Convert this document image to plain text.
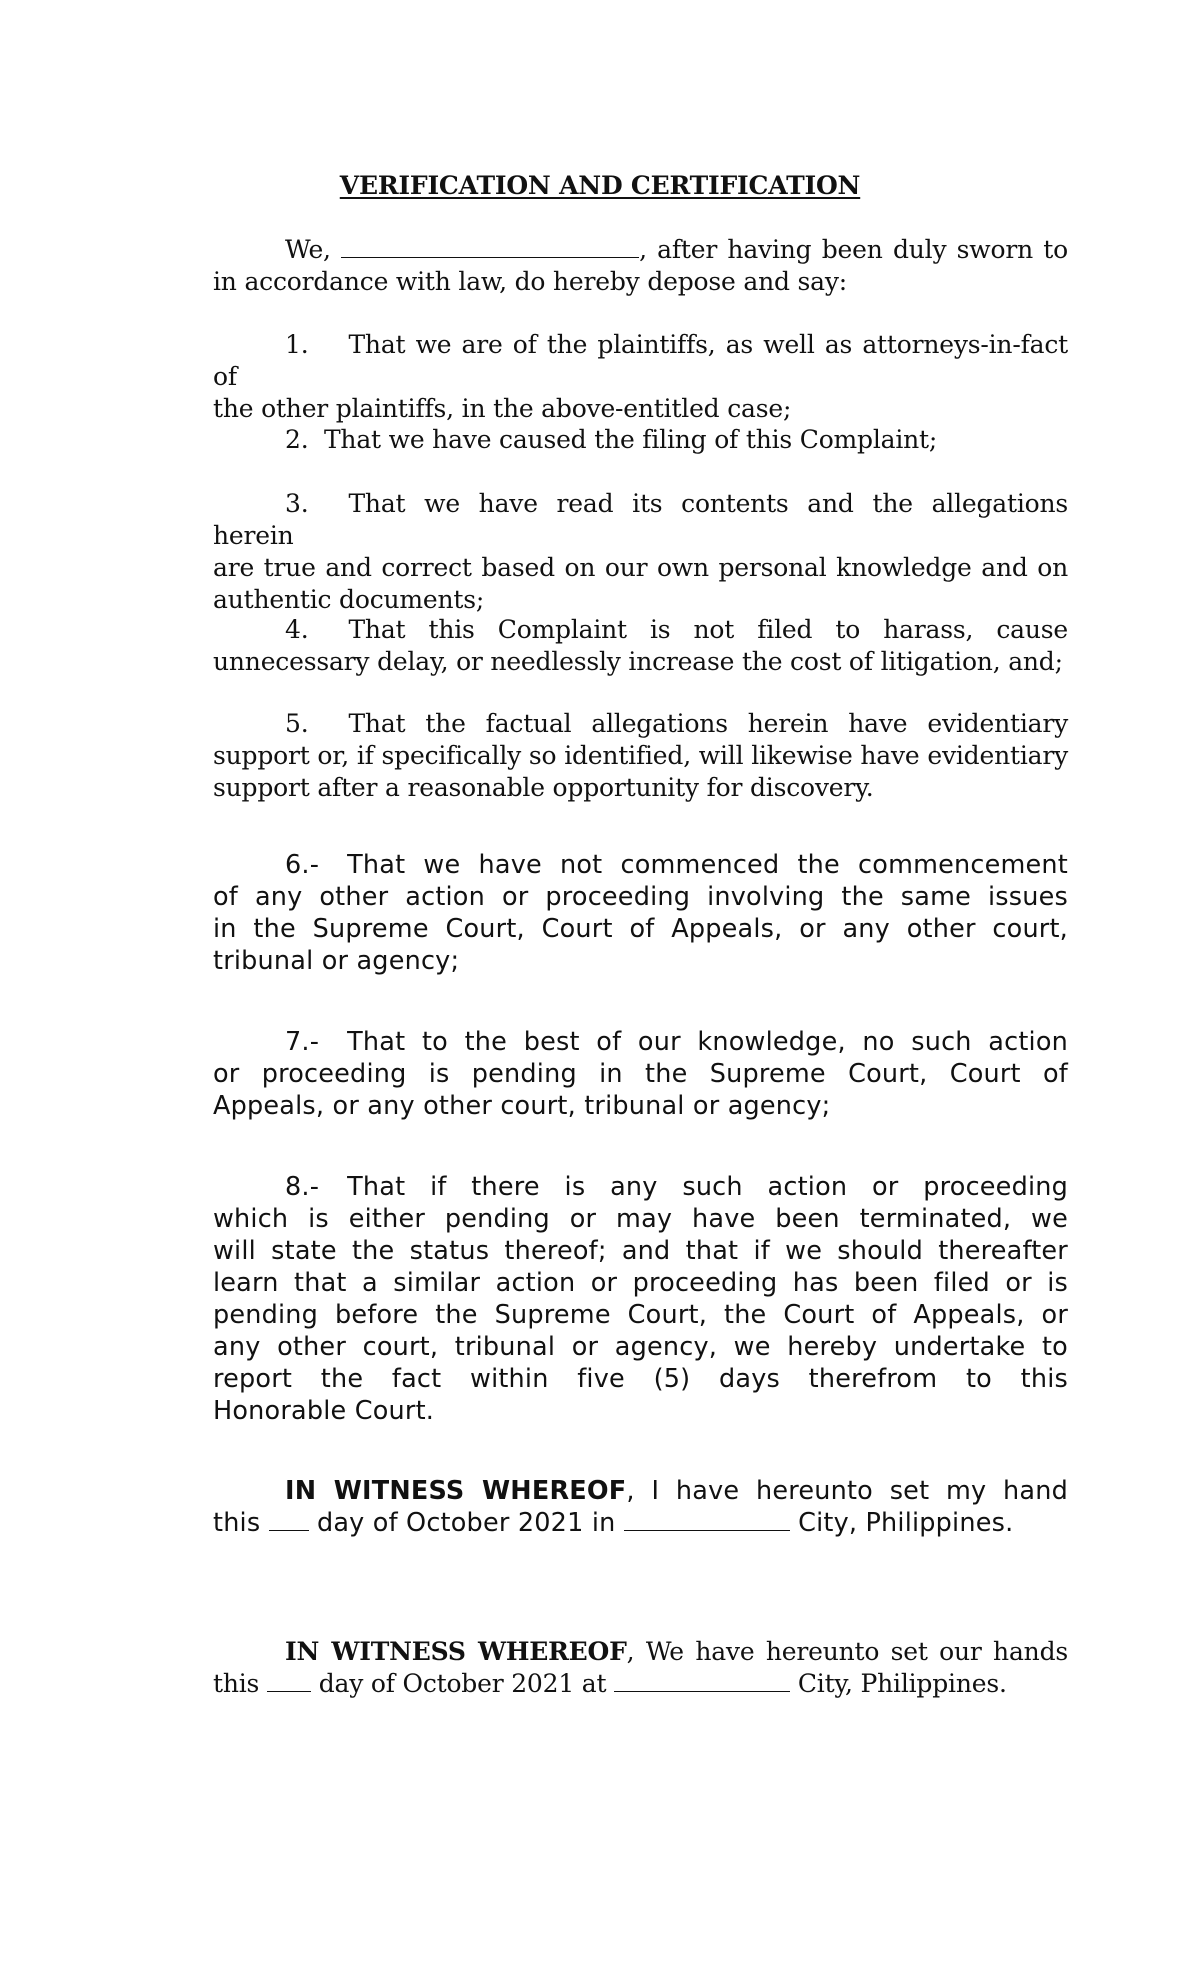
VERIFICATION AND CERTIFICATION
We,	, after having been duly sworn to
in accordance with law, do hereby depose and say:
1. That we are of the plaintiffs, as well as attorneys-in-fact of
the other plaintiffs, in the above-entitled case;
2. That we have caused the filing of this Complaint;
3. That we have read its contents and the allegations herein
are true and correct based on our own personal knowledge and on
authentic documents;
4. That this Complaint is not filed to harass, cause
unnecessary delay, or needlessly increase the cost of litigation, and;
5. That the factual allegations herein have evidentiary
support or, if specifically so identified, will likewise have evidentiary
support after a reasonable opportunity for discovery.
6.- That we have not commenced the commencement
of any other action or proceeding involving the same issues
in the Supreme Court, Court of Appeals, or any other court,
tribunal or agency;
7.- That to the best of our knowledge, no such action
or proceeding is pending in the Supreme Court, Court of
Appeals, or any other court, tribunal or agency;
8.- That if there is any such action or proceeding
which is either pending or may have been terminated, we
will state the status thereof; and that if we should thereafter
learn that a similar action or proceeding has been filed or is
pending before the Supreme Court, the Court of Appeals, or
any other court, tribunal or agency, we hereby undertake to
report the fact within five (5) days therefrom to this
Honorable Court.
IN WITNESS WHEREOF, I have hereunto set my hand
this day of October 2021 in	City, Philippines.
IN WITNESS WHEREOF, We have hereunto set our hands
this day of October 2021 at	City, Philippines.
